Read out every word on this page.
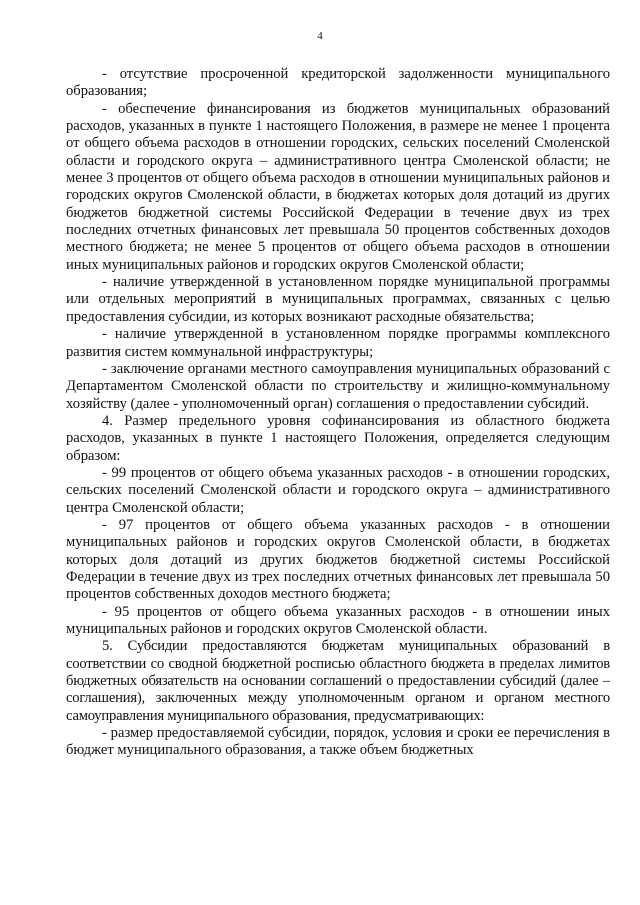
4

- отсутствие просроченной кредиторской задолженности муниципального образования;

- обеспечение финансирования из бюджетов муниципальных образований расходов, указанных в пункте 1 настоящего Положения, в размере не менее 1 процента от общего объема расходов в отношении городских, сельских поселений Смоленской области и городского округа – административного центра Смоленской области; не менее 3 процентов от общего объема расходов в отношении муниципальных районов и городских округов Смоленской области, в бюджетах которых доля дотаций из других бюджетов бюджетной системы Российской Федерации в течение двух из трех последних отчетных финансовых лет превышала 50 процентов собственных доходов местного бюджета; не менее 5 процентов от общего объема расходов в отношении иных муниципальных районов и городских округов Смоленской области;

- наличие утвержденной в установленном порядке муниципальной программы или отдельных мероприятий в муниципальных программах, связанных с целью предоставления субсидии, из которых возникают расходные обязательства;

- наличие утвержденной в установленном порядке программы комплексного развития систем коммунальной инфраструктуры;

- заключение органами местного самоуправления муниципальных образований с Департаментом Смоленской области по строительству и жилищно-коммунальному хозяйству (далее - уполномоченный орган) соглашения о предоставлении субсидий.

4. Размер предельного уровня софинансирования из областного бюджета расходов, указанных в пункте 1 настоящего Положения, определяется следующим образом:

- 99 процентов от общего объема указанных расходов - в отношении городских, сельских поселений Смоленской области и городского округа – административного центра Смоленской области;

- 97 процентов от общего объема указанных расходов - в отношении муниципальных районов и городских округов Смоленской области, в бюджетах которых доля дотаций из других бюджетов бюджетной системы Российской Федерации в течение двух из трех последних отчетных финансовых лет превышала 50 процентов собственных доходов местного бюджета;

- 95 процентов от общего объема указанных расходов - в отношении иных муниципальных районов и городских округов Смоленской области.

5. Субсидии предоставляются бюджетам муниципальных образований в соответствии со сводной бюджетной росписью областного бюджета в пределах лимитов бюджетных обязательств на основании соглашений о предоставлении субсидий (далее – соглашения), заключенных между уполномоченным органом и органом местного самоуправления муниципального образования, предусматривающих:

- размер предоставляемой субсидии, порядок, условия и сроки ее перечисления в бюджет муниципального образования, а также объем бюджетных
